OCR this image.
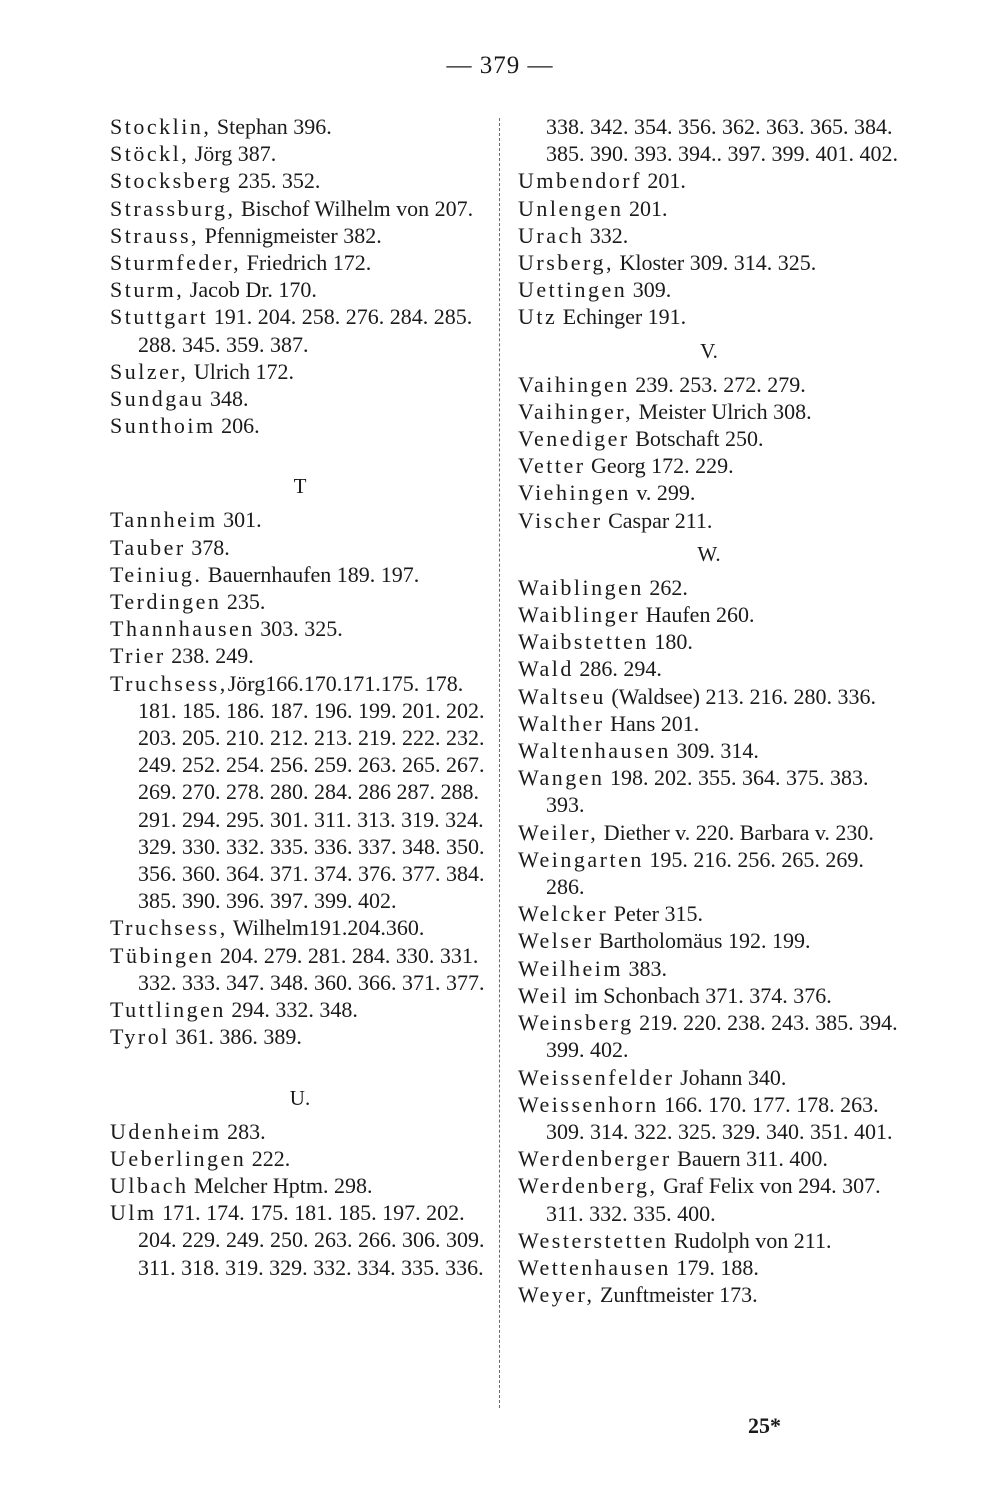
— 379 —
Stocklin, Stephan 396.
Stöckl, Jörg 387.
Stocksberg 235. 352.
Strassburg, Bischof Wilhelm von 207.
Strauss, Pfennigmeister 382.
Sturmfeder, Friedrich 172.
Sturm, Jacob Dr. 170.
Stuttgart 191. 204. 258. 276. 284. 285. 288. 345. 359. 387.
Sulzer, Ulrich 172.
Sundgau 348.
Sunthoim 206.
T
Tannheim 301.
Tauber 378.
Teiniug. Bauernhaufen 189. 197.
Terdingen 235.
Thannhausen 303. 325.
Trier 238. 249.
Truchsess,Jörg166.170.171.175. 178. 181. 185. 186. 187. 196. 199. 201. 202. 203. 205. 210. 212. 213. 219. 222. 232. 249. 252. 254. 256. 259. 263. 265. 267. 269. 270. 278. 280. 284. 286 287. 288. 291. 294. 295. 301. 311. 313. 319. 324. 329. 330. 332. 335. 336. 337. 348. 350. 356. 360. 364. 371. 374. 376. 377. 384. 385. 390. 396. 397. 399. 402.
Truchsess, Wilhelm191.204.360.
Tübingen 204. 279. 281. 284. 330. 331. 332. 333. 347. 348. 360. 366. 371. 377.
Tuttlingen 294. 332. 348.
Tyrol 361. 386. 389.
U.
Udenheim 283.
Ueberlingen 222.
Ulbach Melcher Hptm. 298.
Ulm 171. 174. 175. 181. 185. 197. 202. 204. 229. 249. 250. 263. 266. 306. 309. 311. 318. 319. 329. 332. 334. 335. 336.
338. 342. 354. 356. 362. 363. 365. 384. 385. 390. 393. 394.. 397. 399. 401. 402.
Umbendorf 201.
Unlengen 201.
Urach 332.
Ursberg, Kloster 309. 314. 325.
Uettingen 309.
Utz Echinger 191.
V.
Vaihingen 239. 253. 272. 279.
Vaihinger, Meister Ulrich 308.
Venediger Botschaft 250.
Vetter Georg 172. 229.
Viehingen v. 299.
Vischer Caspar 211.
W.
Waiblingen 262.
Waiblinger Haufen 260.
Waibstetten 180.
Wald 286. 294.
Waltseu (Waldsee) 213. 216. 280. 336.
Walther Hans 201.
Waltenhausen 309. 314.
Wangen 198. 202. 355. 364. 375. 383. 393.
Weiler, Diether v. 220. Barbara v. 230.
Weingarten 195. 216. 256. 265. 269. 286.
Welcker Peter 315.
Welser Bartholomäus 192. 199.
Weilheim 383.
Weil im Schonbach 371. 374. 376.
Weinsberg 219. 220. 238. 243. 385. 394. 399. 402.
Weissenfelder Johann 340.
Weissenhorn 166. 170. 177. 178. 263. 309. 314. 322. 325. 329. 340. 351. 401.
Werdenberger Bauern 311. 400.
Werdenberg, Graf Felix von 294. 307. 311. 332. 335. 400.
Westerstetten Rudolph von 211.
Wettenhausen 179. 188.
Weyer, Zunftmeister 173.
25*
